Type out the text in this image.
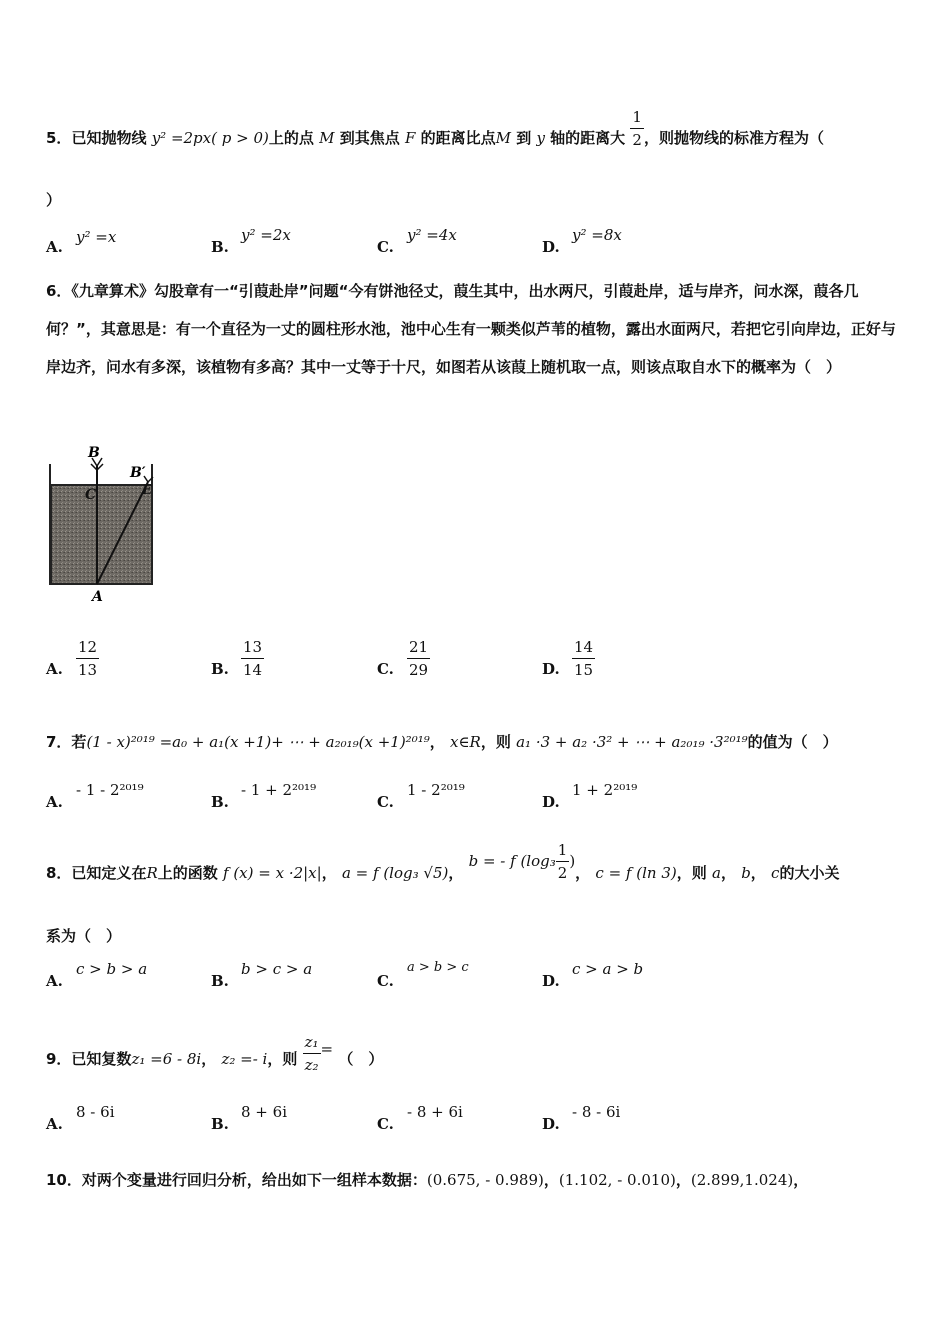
5．已知抛物线 y² =2px( p > 0)上的点 M 到其焦点 F 的距离比点M 到 y 轴的距离大 $\frac{1}{2}$ ，则抛物线的标准方程为（
）
A.
y² =x
B.
y² =2x
C.
y² =4x
D.
y² =8x
6．《九章算术》勾股章有一“引葭赴岸”问题“今有饼池径丈，葭生其中，出水两尺，引葭赴岸，适与岸齐，问水深，葭各几何？”，其意思是：有一个直径为一丈的圆柱形水池，池中心生有一颗类似芦苇的植物，露出水面两尺，若把它引向岸边，正好与岸边齐，问水有多深，该植物有多高？其中一丈等于十尺，如图若从该葭上随机取一点，则该点取自水下的概率为（　）
B
B′
C	E
A
A. $\frac{12}{13}$	B. $\frac{13}{14}$	C. $\frac{21}{29}$	D. $\frac{14}{15}$
7．若(1 - x)²⁰¹⁹ =a₀ + a₁(x +1)+ ⋯ + a₂₀₁₉(x +1)²⁰¹⁹， x∈R，则 a₁ ·3 + a₂ ·3² + ⋯ + a₂₀₁₉ ·3²⁰¹⁹的值为（　）
A.
- 1 - 2²⁰¹⁹
B.
- 1 + 2²⁰¹⁹
C.
1 - 2²⁰¹⁹
D.
1 + 2²⁰¹⁹
8．已知定义在R上的函数 f (x) = x ·2|x|， a = f (log₃ √5)， b = - f ($\log_3 \frac{1}{2}$ )， c = f (ln 3)，则 a， b， c的大小关
系为（　）
A.
c > b > a
B.
b > c > a
C.
a > b > c
D.
c > a > b
9．已知复数z₁ =6 - 8i， z₂ =- i，则 $\frac{\text{z₁}}{\text{z₂}}$ = （　）
A.
8 - 6i
B.
8 + 6i
C.
- 8 + 6i
D.
- 8 - 6i
10．对两个变量进行回归分析，给出如下一组样本数据：(0.675, - 0.989)，(1.102, - 0.010)，(2.899,1.024)，
